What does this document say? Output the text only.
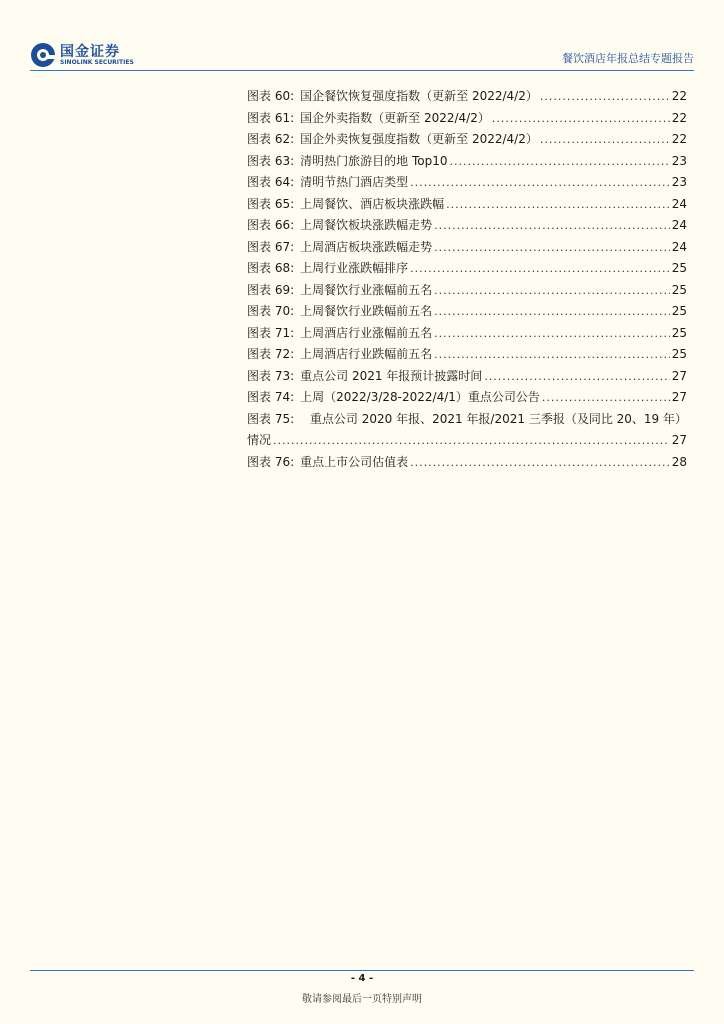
国金证券
SINOLINK SECURITIES	餐饮酒店年报总结专题报告
图表 60: 国企餐饮恢复强度指数（更新至 2022/4/2） .....	22
图表 61: 国企外卖指数（更新至 2022/4/2） .....	22
图表 62: 国企外卖恢复强度指数（更新至 2022/4/2） .....	22
图表 63: 清明热门旅游目的地 Top10 .....	23
图表 64: 清明节热门酒店类型 .....	23
图表 65: 上周餐饮、酒店板块涨跌幅 .....	24
图表 66: 上周餐饮板块涨跌幅走势 .....	24
图表 67: 上周酒店板块涨跌幅走势 .....	24
图表 68: 上周行业涨跌幅排序 .....	25
图表 69: 上周餐饮行业涨幅前五名 .....	25
图表 70: 上周餐饮行业跌幅前五名 .....	25
图表 71: 上周酒店行业涨幅前五名 .....	25
图表 72: 上周酒店行业跌幅前五名 .....	25
图表 73: 重点公司 2021 年报预计披露时间 .....	27
图表 74: 上周（2022/3/28-2022/4/1）重点公司公告 .....	27
图表 75: 重点公司 2020 年报、2021 年报/2021 三季报（及同比 20、19 年）
情况 .....	27
图表 76: 重点上市公司估值表 .....	28
- 4 -
敬请参阅最后一页特别声明
